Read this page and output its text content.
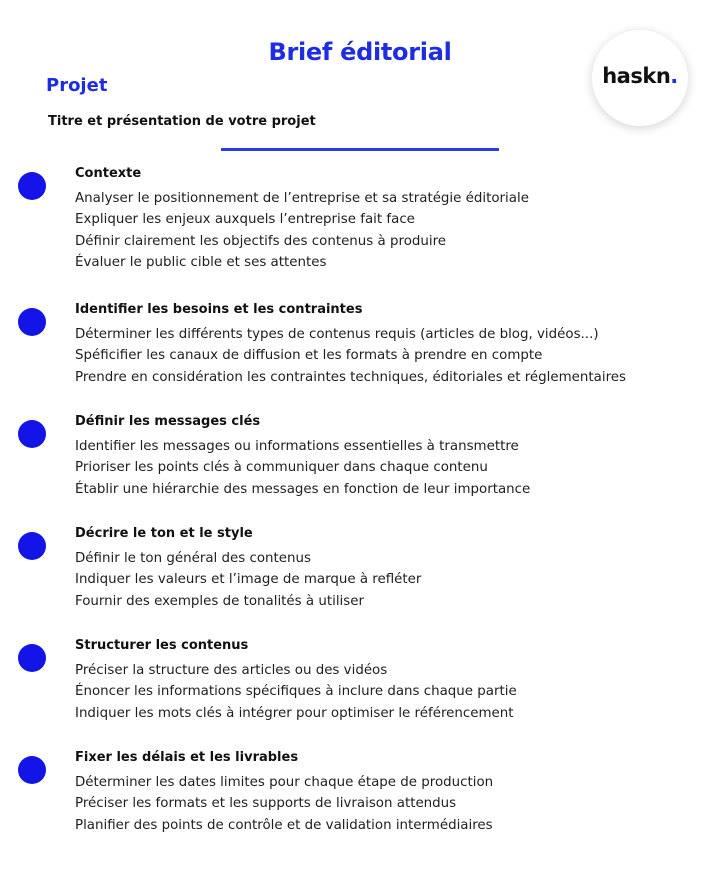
Brief éditorial
haskn.
Projet
Titre et présentation de votre projet
Contexte
Analyser le positionnement de l’entreprise et sa stratégie éditoriale
Expliquer les enjeux auxquels l’entreprise fait face
Définir clairement les objectifs des contenus à produire
Évaluer le public cible et ses attentes
Identifier les besoins et les contraintes
Déterminer les différents types de contenus requis (articles de blog, vidéos...)
Spéficifier les canaux de diffusion et les formats à prendre en compte
Prendre en considération les contraintes techniques, éditoriales et réglementaires
Définir les messages clés
Identifier les messages ou informations essentielles à transmettre
Prioriser les points clés à communiquer dans chaque contenu
Établir une hiérarchie des messages en fonction de leur importance
Décrire le ton et le style
Définir le ton général des contenus
Indiquer les valeurs et l’image de marque à refléter
Fournir des exemples de tonalités à utiliser
Structurer les contenus
Préciser la structure des articles ou des vidéos
Énoncer les informations spécifiques à inclure dans chaque partie
Indiquer les mots clés à intégrer pour optimiser le référencement
Fixer les délais et les livrables
Déterminer les dates limites pour chaque étape de production
Préciser les formats et les supports de livraison attendus
Planifier des points de contrôle et de validation intermédiaires
